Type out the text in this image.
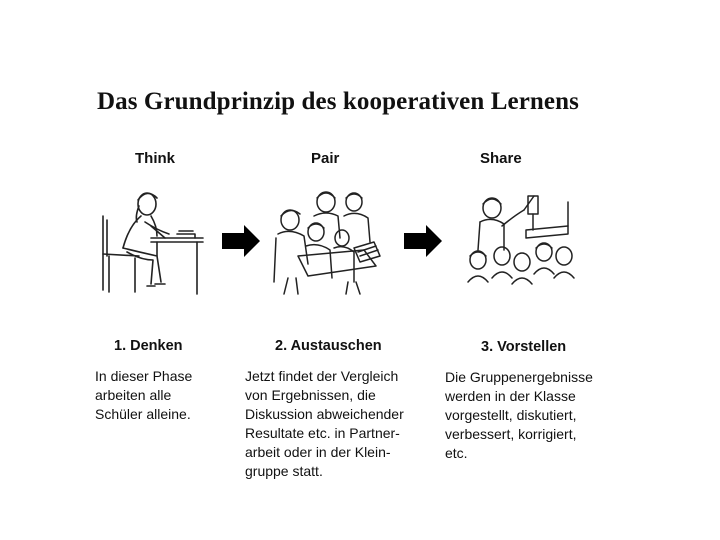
Das Grundprinzip des kooperativen Lernens
Think
1. Denken
In dieser Phase
arbeiten alle
Schüler alleine.
Pair
2. Austauschen
Jetzt findet der Vergleich
von Ergebnissen, die
Diskussion abweichender
Resultate etc. in Partner-
arbeit oder in der Klein-
gruppe statt.
Share
3. Vorstellen
Die Gruppenergebnisse
werden in der Klasse
vorgestellt, diskutiert,
verbessert, korrigiert,
etc.
